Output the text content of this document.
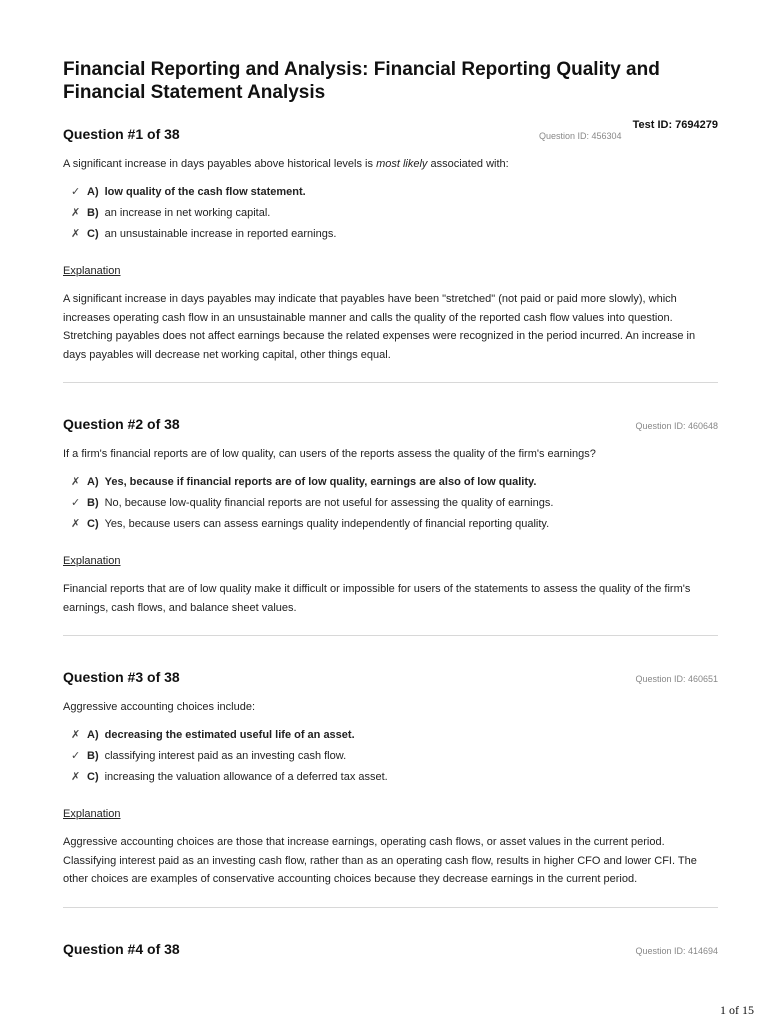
Financial Reporting and Analysis: Financial Reporting Quality and Financial Statement Analysis
Test ID: 7694279
Question #1 of 38	Question ID: 456304
A significant increase in days payables above historical levels is most likely associated with:
✓ A) low quality of the cash flow statement.
✗ B) an increase in net working capital.
✗ C) an unsustainable increase in reported earnings.
Explanation
A significant increase in days payables may indicate that payables have been "stretched" (not paid or paid more slowly), which increases operating cash flow in an unsustainable manner and calls the quality of the reported cash flow values into question. Stretching payables does not affect earnings because the related expenses were recognized in the period incurred. An increase in days payables will decrease net working capital, other things equal.
Question #2 of 38	Question ID: 460648
If a firm's financial reports are of low quality, can users of the reports assess the quality of the firm's earnings?
✗ A) Yes, because if financial reports are of low quality, earnings are also of low quality.
✓ B) No, because low-quality financial reports are not useful for assessing the quality of earnings.
✗ C) Yes, because users can assess earnings quality independently of financial reporting quality.
Explanation
Financial reports that are of low quality make it difficult or impossible for users of the statements to assess the quality of the firm's earnings, cash flows, and balance sheet values.
Question #3 of 38	Question ID: 460651
Aggressive accounting choices include:
✗ A) decreasing the estimated useful life of an asset.
✓ B) classifying interest paid as an investing cash flow.
✗ C) increasing the valuation allowance of a deferred tax asset.
Explanation
Aggressive accounting choices are those that increase earnings, operating cash flows, or asset values in the current period. Classifying interest paid as an investing cash flow, rather than as an operating cash flow, results in higher CFO and lower CFI. The other choices are examples of conservative accounting choices because they decrease earnings in the current period.
Question #4 of 38	Question ID: 414694
1 of 15
